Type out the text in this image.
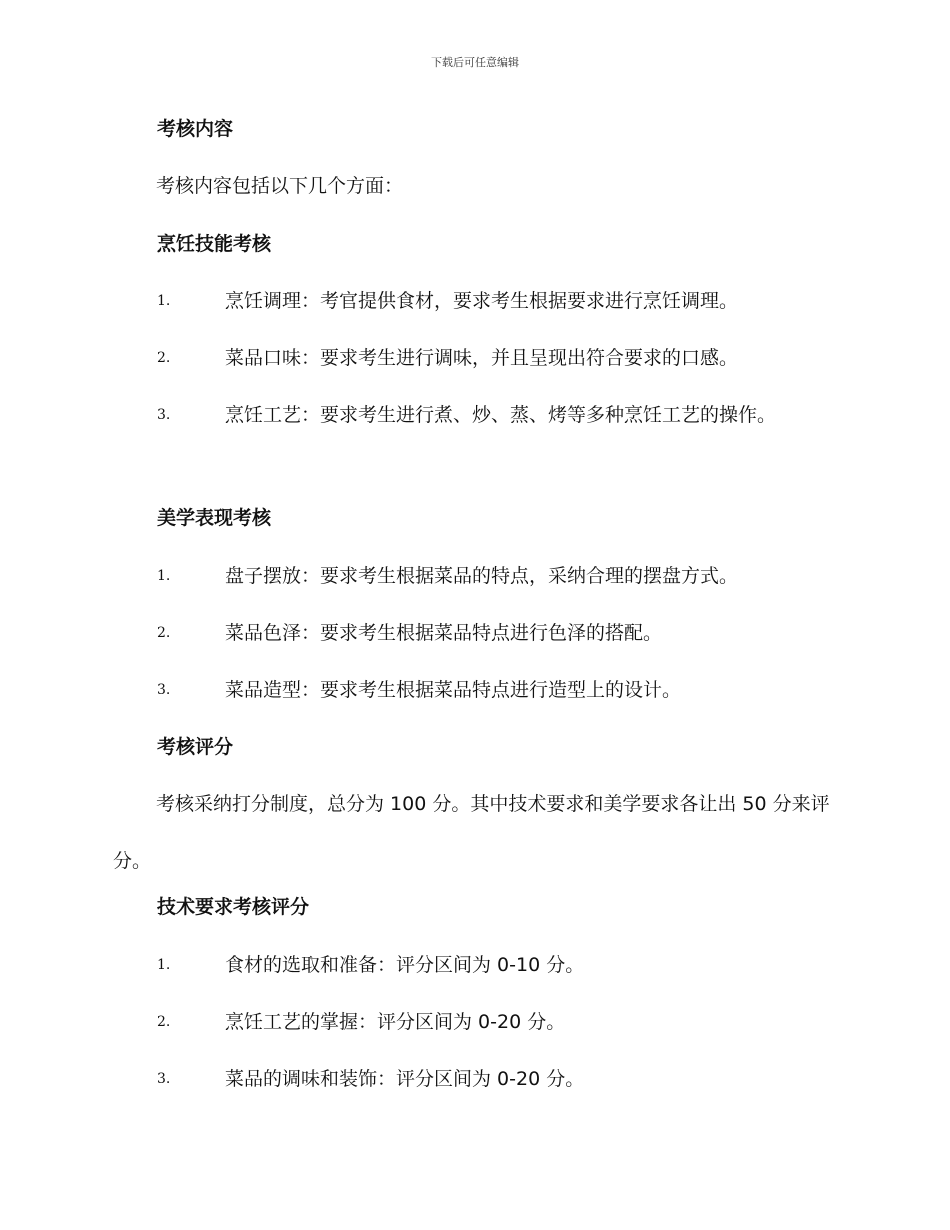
下载后可任意编辑
考核内容
考核内容包括以下几个方面：
烹饪技能考核
1.	烹饪调理：考官提供食材，要求考生根据要求进行烹饪调理。
2.	菜品口味：要求考生进行调味，并且呈现出符合要求的口感。
3.	烹饪工艺：要求考生进行煮、炒、蒸、烤等多种烹饪工艺的操作。
美学表现考核
1.	盘子摆放：要求考生根据菜品的特点，采纳合理的摆盘方式。
2.	菜品色泽：要求考生根据菜品特点进行色泽的搭配。
3.	菜品造型：要求考生根据菜品特点进行造型上的设计。
考核评分
考核采纳打分制度，总分为 100 分。其中技术要求和美学要求各让出 50 分来评分。
技术要求考核评分
1.	食材的选取和准备：评分区间为 0-10 分。
2.	烹饪工艺的掌握：评分区间为 0-20 分。
3.	菜品的调味和装饰：评分区间为 0-20 分。
